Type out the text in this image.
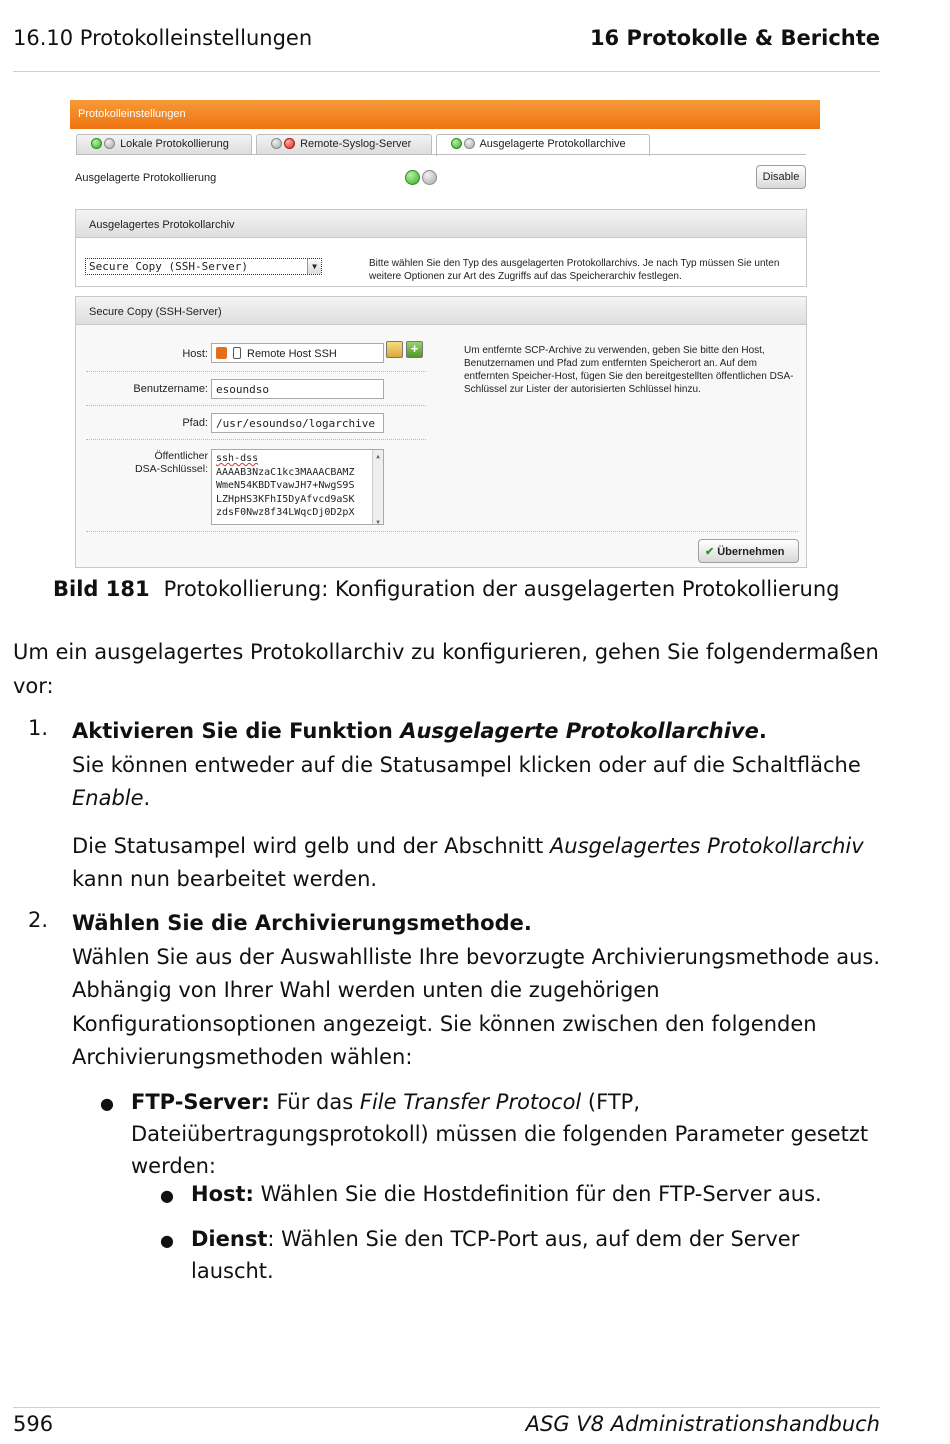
16.10 Protokolleinstellungen	16 Protokolle & Berichte
Protokolleinstellungen
Lokale Protokollierung	Remote-Syslog-Server	Ausgelagerte Protokollarchive
Ausgelagerte Protokollierung	Disable
Ausgelagertes Protokollarchiv
Secure Copy (SSH-Server)	▼	Bitte wählen Sie den Typ des ausgelagerten Protokollarchivs. Je nach Typ müssen Sie unten weitere Optionen zur Art des Zugriffs auf das Speicherarchiv festlegen.
Secure Copy (SSH-Server)
Host:	Remote Host SSH	+
Benutzername: esoundso
Pfad: /usr/esoundso/logarchive
Öffentlicher
DSA-Schlüssel:
ssh-dss
AAAAB3NzaC1kc3MAAACBAMZ
WmeN54KBDTvawJH7+NwgS9S
LZHpHS3KFhI5DyAfvcd9aSK
zdsF0Nwz8f34LWqcDj0D2pX
▲
▼
Um entfernte SCP-Archive zu verwenden, geben Sie bitte den Host, Benutzernamen und Pfad zum entfernten Speicherort an. Auf dem entfernten Speicher-Host, fügen Sie den bereitgestellten öffentlichen DSA-Schlüssel zur Lister der autorisierten Schlüssel hinzu.
✔ Übernehmen
Bild 181 Protokollierung: Konfiguration der ausgelagerten Protokollierung
Um ein ausgelagertes Protokollarchiv zu konfigurieren, gehen Sie folgendermaßen vor:
1. Aktivieren Sie die Funktion Ausgelagerte Protokollarchive.
Sie können entweder auf die Statusampel klicken oder auf die Schaltfläche Enable.
Die Statusampel wird gelb und der Abschnitt Ausgelagertes Protokollarchiv kann nun bearbeitet werden.
2. Wählen Sie die Archivierungsmethode.
Wählen Sie aus der Auswahlliste Ihre bevorzugte Archivierungsmethode aus. Abhängig von Ihrer Wahl werden unten die zugehörigen Konfigurationsoptionen angezeigt. Sie können zwischen den folgenden Archivierungsmethoden wählen:
● FTP-Server: Für das File Transfer Protocol (FTP, Dateiübertragungsprotokoll) müssen die folgenden Parameter gesetzt werden:
● Host: Wählen Sie die Hostdefinition für den FTP-Server aus.
● Dienst: Wählen Sie den TCP-Port aus, auf dem der Server lauscht.
596	ASG V8 Administrationshandbuch
